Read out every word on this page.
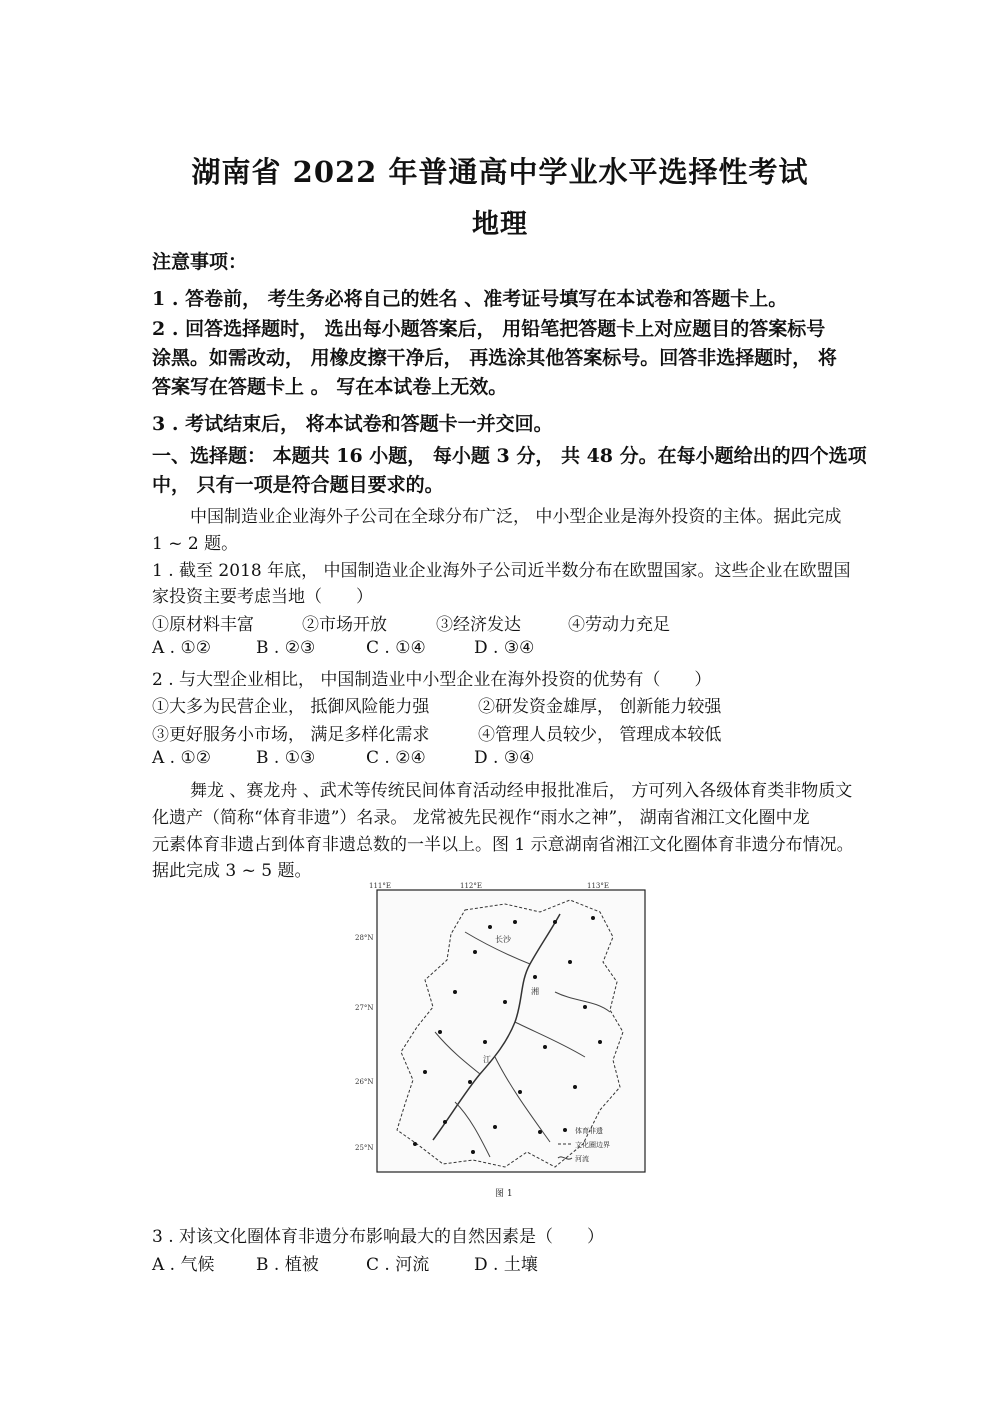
湖南省 2022 年普通高中学业水平选择性考试
地理
注意事项：
1 . 答卷前， 考生务必将自己的姓名 、准考证号填写在本试卷和答题卡上。
2 . 回答选择题时， 选出每小题答案后， 用铅笔把答题卡上对应题目的答案标号
涂黑。如需改动， 用橡皮擦干净后， 再选涂其他答案标号。回答非选择题时， 将
答案写在答题卡上 。 写在本试卷上无效。
3 . 考试结束后， 将本试卷和答题卡一并交回。
一、选择题： 本题共 16 小题， 每小题 3 分， 共 48 分。在每小题给出的四个选项
中， 只有一项是符合题目要求的。
中国制造业企业海外子公司在全球分布广泛， 中小型企业是海外投资的主体。据此完成
1 ~ 2 题。
1 . 截至 2018 年底， 中国制造业企业海外子公司近半数分布在欧盟国家。这些企业在欧盟国
家投资主要考虑当地（　　）
①原材料丰富	②市场开放	③经济发达	④劳动力充足
A . ①②	B . ②③	C . ①④	D . ③④
2 . 与大型企业相比， 中国制造业中小型企业在海外投资的优势有（　　）
①大多为民营企业， 抵御风险能力强	②研发资金雄厚， 创新能力较强
③更好服务小市场， 满足多样化需求	④管理人员较少， 管理成本较低
A . ①②	B . ①③	C . ②④	D . ③④
舞龙 、赛龙舟 、武术等传统民间体育活动经申报批准后， 方可列入各级体育类非物质文
化遗产（简称“体育非遗”）名录。 龙常被先民视作“雨水之神”， 湖南省湘江文化圈中龙
元素体育非遗占到体育非遗总数的一半以上。图 1 示意湖南省湘江文化圈体育非遗分布情况。
据此完成 3 ~ 5 题。
111°E	112°E	113°E
28°N
27°N
26°N
25°N
长沙
湘
江
体育非遗
文化圈边界
河流
图 1
3 . 对该文化圈体育非遗分布影响最大的自然因素是（　　）
A . 气候 B . 植被	C . 河流	D . 土壤
